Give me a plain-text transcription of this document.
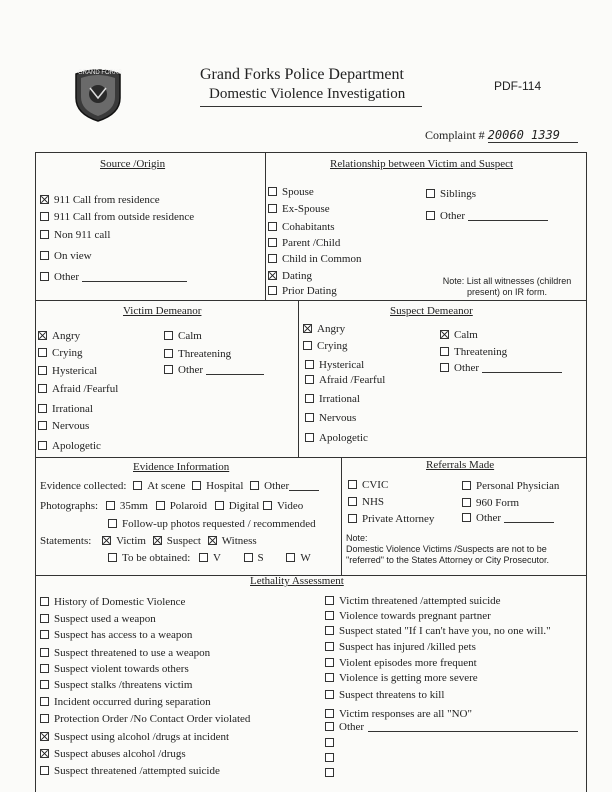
GRAND FORKS	Grand Forks Police Department
Domestic Violence Investigation	PDF-114
Complaint # 20060 1339
Source /Origin	Relationship between Victim and Suspect
Victim Demeanor	Suspect Demeanor
Evidence Information	Referrals Made
Lethality Assessment
911 Call from residence
911 Call from outside residence
Non 911 call
On view
Other
Spouse
Ex-Spouse
Cohabitants
Parent /Child
Child in Common
Dating
Prior Dating
Siblings
Other
Note: List all witnesses (children present) on IR form.
Angry
Crying
Hysterical
Afraid /Fearful
Irrational
Nervous
Apologetic
Calm
Threatening
Other
Angry
Crying
Hysterical
Afraid /Fearful
Irrational
Nervous
Apologetic
Calm
Threatening
Other
Evidence collected: At scene Hospital Other
Photographs: 35mm Polaroid Digital Video
Follow-up photos requested / recommended
Statements: Victim Suspect Witness
To be obtained: V	S	W
CVIC
NHS
Private Attorney
Personal Physician
960 Form
Other
Note:
Domestic Violence Victims /Suspects are not to be "referred" to the States Attorney or City Prosecutor.
History of Domestic Violence
Suspect used a weapon
Suspect has access to a weapon
Suspect threatened to use a weapon
Suspect violent towards others
Suspect stalks /threatens victim
Incident occurred during separation
Protection Order /No Contact Order violated
Suspect using alcohol /drugs at incident
Suspect abuses alcohol /drugs
Suspect threatened /attempted suicide
Victim threatened /attempted suicide
Violence towards pregnant partner
Suspect stated "If I can't have you, no one will."
Suspect has injured /killed pets
Violent episodes more frequent
Violence is getting more severe
Suspect threatens to kill
Victim responses are all "NO"
Other
